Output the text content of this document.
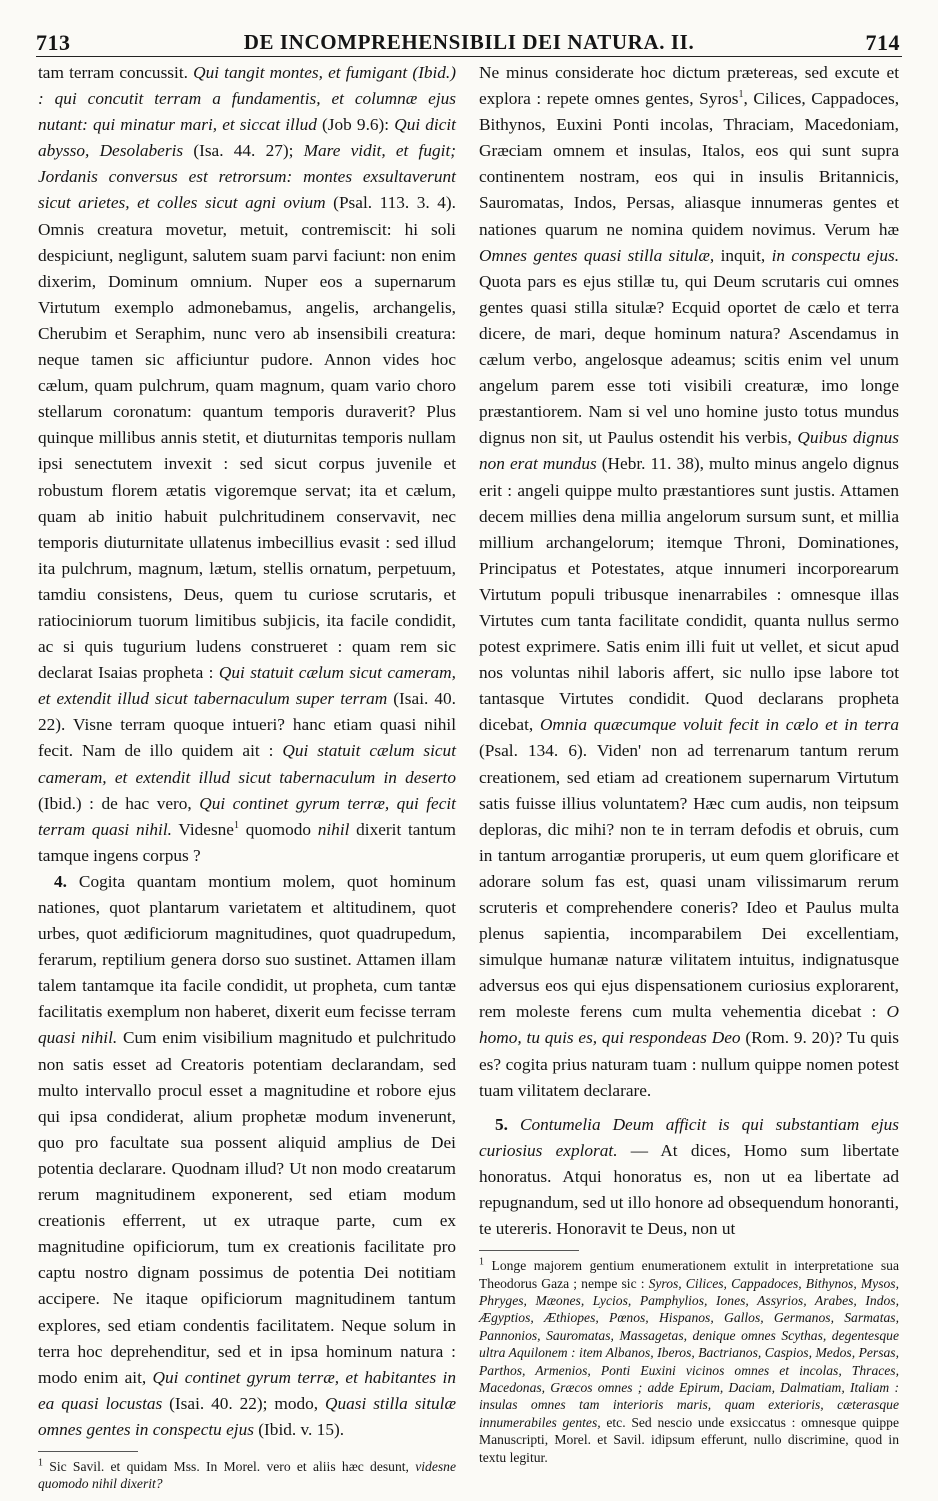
713	DE INCOMPREHENSIBILI DEI NATURA. II.	714

tam terram concussit. Qui tangit montes, et fumigant (Ibid.) : qui concutit terram a fundamentis, et columnæ ejus nutant: qui minatur mari, et siccat illud (Job 9.6): Qui dicit abysso, Desolaberis (Isa. 44. 27); Mare vidit, et fugit; Jordanis conversus est retrorsum: montes exsultaverunt sicut arietes, et colles sicut agni ovium (Psal. 113. 3. 4). Omnis creatura movetur, metuit, contremiscit: hi soli despiciunt, negligunt, salutem suam parvi faciunt: non enim dixerim, Dominum omnium. Nuper eos a supernarum Virtutum exemplo admonebamus, angelis, archangelis, Cherubim et Seraphim, nunc vero ab insensibili creatura: neque tamen sic afficiuntur pudore. Annon vides hoc cælum, quam pulchrum, quam magnum, quam vario choro stellarum coronatum: quantum temporis duraverit? Plus quinque millibus annis stetit, et diuturnitas temporis nullam ipsi senectutem invexit : sed sicut corpus juvenile et robustum florem ætatis vigoremque servat; ita et cælum, quam ab initio habuit pulchritudinem conservavit, nec temporis diuturnitate ullatenus imbecillius evasit : sed illud ita pulchrum, magnum, lætum, stellis ornatum, perpetuum, tamdiu consistens, Deus, quem tu curiose scrutaris, et ratiociniorum tuorum limitibus subjicis, ita facile condidit, ac si quis tugurium ludens construeret : quam rem sic declarat Isaias propheta : Qui statuit cælum sicut cameram, et extendit illud sicut tabernaculum super terram (Isai. 40. 22). Visne terram quoque intueri? hanc etiam quasi nihil fecit. Nam de illo quidem ait : Qui statuit cælum sicut cameram, et extendit illud sicut tabernaculum in deserto (Ibid.) : de hac vero, Qui continet gyrum terræ, qui fecit terram quasi nihil. Videsne$^1$ quomodo nihil dixerit tantum tamque ingens corpus ?

4. Cogita quantam montium molem, quot hominum nationes, quot plantarum varietatem et altitudinem, quot urbes, quot ædificiorum magnitudines, quot quadrupedum, ferarum, reptilium genera dorso suo sustinet. Attamen illam talem tantamque ita facile condidit, ut propheta, cum tantæ facilitatis exemplum non haberet, dixerit eum fecisse terram quasi nihil. Cum enim visibilium magnitudo et pulchritudo non satis esset ad Creatoris potentiam declarandam, sed multo intervallo procul esset a magnitudine et robore ejus qui ipsa condiderat, alium prophetæ modum invenerunt, quo pro facultate sua possent aliquid amplius de Dei potentia declarare. Quodnam illud? Ut non modo creatarum rerum magnitudinem exponerent, sed etiam modum creationis efferrent, ut ex utraque parte, cum ex magnitudine opificiorum, tum ex creationis facilitate pro captu nostro dignam possimus de potentia Dei notitiam accipere. Ne itaque opificiorum magnitudinem tantum explores, sed etiam condentis facilitatem. Neque solum in terra hoc deprehenditur, sed et in ipsa hominum natura : modo enim ait, Qui continet gyrum terræ, et habitantes in ea quasi locustas (Isai. 40. 22); modo, Quasi stilla situlæ omnes gentes in conspectu ejus (Ibid. v. 15).

$^1$ Sic Savil. et quidam Mss. In Morel. vero et aliis hæc desunt, videsne quomodo nihil dixerit?

Ne minus considerate hoc dictum prætereas, sed excute et explora : repete omnes gentes, Syros$^1$, Cilices, Cappadoces, Bithynos, Euxini Ponti incolas, Thraciam, Macedoniam, Græciam omnem et insulas, Italos, eos qui sunt supra continentem nostram, eos qui in insulis Britannicis, Sauromatas, Indos, Persas, aliasque innumeras gentes et nationes quarum ne nomina quidem novimus. Verum hæ Omnes gentes quasi stilla situlæ, inquit, in conspectu ejus. Quota pars es ejus stillæ tu, qui Deum scrutaris cui omnes gentes quasi stilla situlæ? Ecquid oportet de cælo et terra dicere, de mari, deque hominum natura? Ascendamus in cælum verbo, angelosque adeamus; scitis enim vel unum angelum parem esse toti visibili creaturæ, imo longe præstantiorem. Nam si vel uno homine justo totus mundus dignus non sit, ut Paulus ostendit his verbis, Quibus dignus non erat mundus (Hebr. 11. 38), multo minus angelo dignus erit : angeli quippe multo præstantiores sunt justis. Attamen decem millies dena millia angelorum sursum sunt, et millia millium archangelorum; itemque Throni, Dominationes, Principatus et Potestates, atque innumeri incorporearum Virtutum populi tribusque inenarrabiles : omnesque illas Virtutes cum tanta facilitate condidit, quanta nullus sermo potest exprimere. Satis enim illi fuit ut vellet, et sicut apud nos voluntas nihil laboris affert, sic nullo ipse labore tot tantasque Virtutes condidit. Quod declarans propheta dicebat, Omnia quæcumque voluit fecit in cælo et in terra (Psal. 134. 6). Viden' non ad terrenarum tantum rerum creationem, sed etiam ad creationem supernarum Virtutum satis fuisse illius voluntatem? Hæc cum audis, non teipsum deploras, dic mihi? non te in terram defodis et obruis, cum in tantum arrogantiæ proruperis, ut eum quem glorificare et adorare solum fas est, quasi unam vilissimarum rerum scruteris et comprehendere coneris? Ideo et Paulus multa plenus sapientia, incomparabilem Dei excellentiam, simulque humanæ naturæ vilitatem intuitus, indignatusque adversus eos qui ejus dispensationem curiosius explorarent, rem moleste ferens cum multa vehementia dicebat : O homo, tu quis es, qui respondeas Deo (Rom. 9. 20)? Tu quis es? cogita prius naturam tuam : nullum quippe nomen potest tuam vilitatem declarare.

5. Contumelia Deum afficit is qui substantiam ejus curiosius explorat. — At dices, Homo sum libertate honoratus. Atqui honoratus es, non ut ea libertate ad repugnandum, sed ut illo honore ad obsequendum honoranti, te utereris. Honoravit te Deus, non ut

$^1$ Longe majorem gentium enumerationem extulit in interpretatione sua Theodorus Gaza ; nempe sic : Syros, Cilices, Cappadoces, Bithynos, Mysos, Phryges, Mæones, Lycios, Pamphylios, Iones, Assyrios, Arabes, Indos, Ægyptios, Æthiopes, Pœnos, Hispanos, Gallos, Germanos, Sarmatas, Pannonios, Sauromatas, Massagetas, denique omnes Scythas, degentesque ultra Aquilonem : item Albanos, Iberos, Bactrianos, Caspios, Medos, Persas, Parthos, Armenios, Ponti Euxini vicinos omnes et incolas, Thraces, Macedonas, Græcos omnes ; adde Epirum, Daciam, Dalmatiam, Italiam : insulas omnes tam interioris maris, quam exterioris, cæterasque innumerabiles gentes, etc. Sed nescio unde exsiccatus : omnesque quippe Manuscripti, Morel. et Savil. idipsum efferunt, nullo discrimine, quod in textu legitur.
